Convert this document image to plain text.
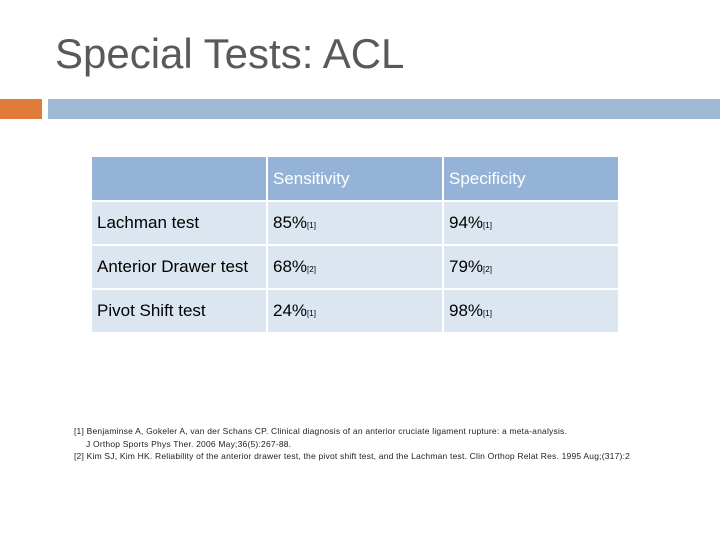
Special Tests: ACL
	Sensitivity	Specificity
Lachman test	85%[1]	94%[1]
Anterior Drawer test	68%[2]	79%[2]
Pivot Shift test	24%[1]	98%[1]
[1] Benjaminse A, Gokeler A, van der Schans CP. Clinical diagnosis of an anterior cruciate ligament rupture: a meta-analysis.
J Orthop Sports Phys Ther. 2006 May;36(5):267-88.
[2] Kim SJ, Kim HK. Reliability of the anterior drawer test, the pivot shift test, and the Lachman test. Clin Orthop Relat Res. 1995 Aug;(317):2
